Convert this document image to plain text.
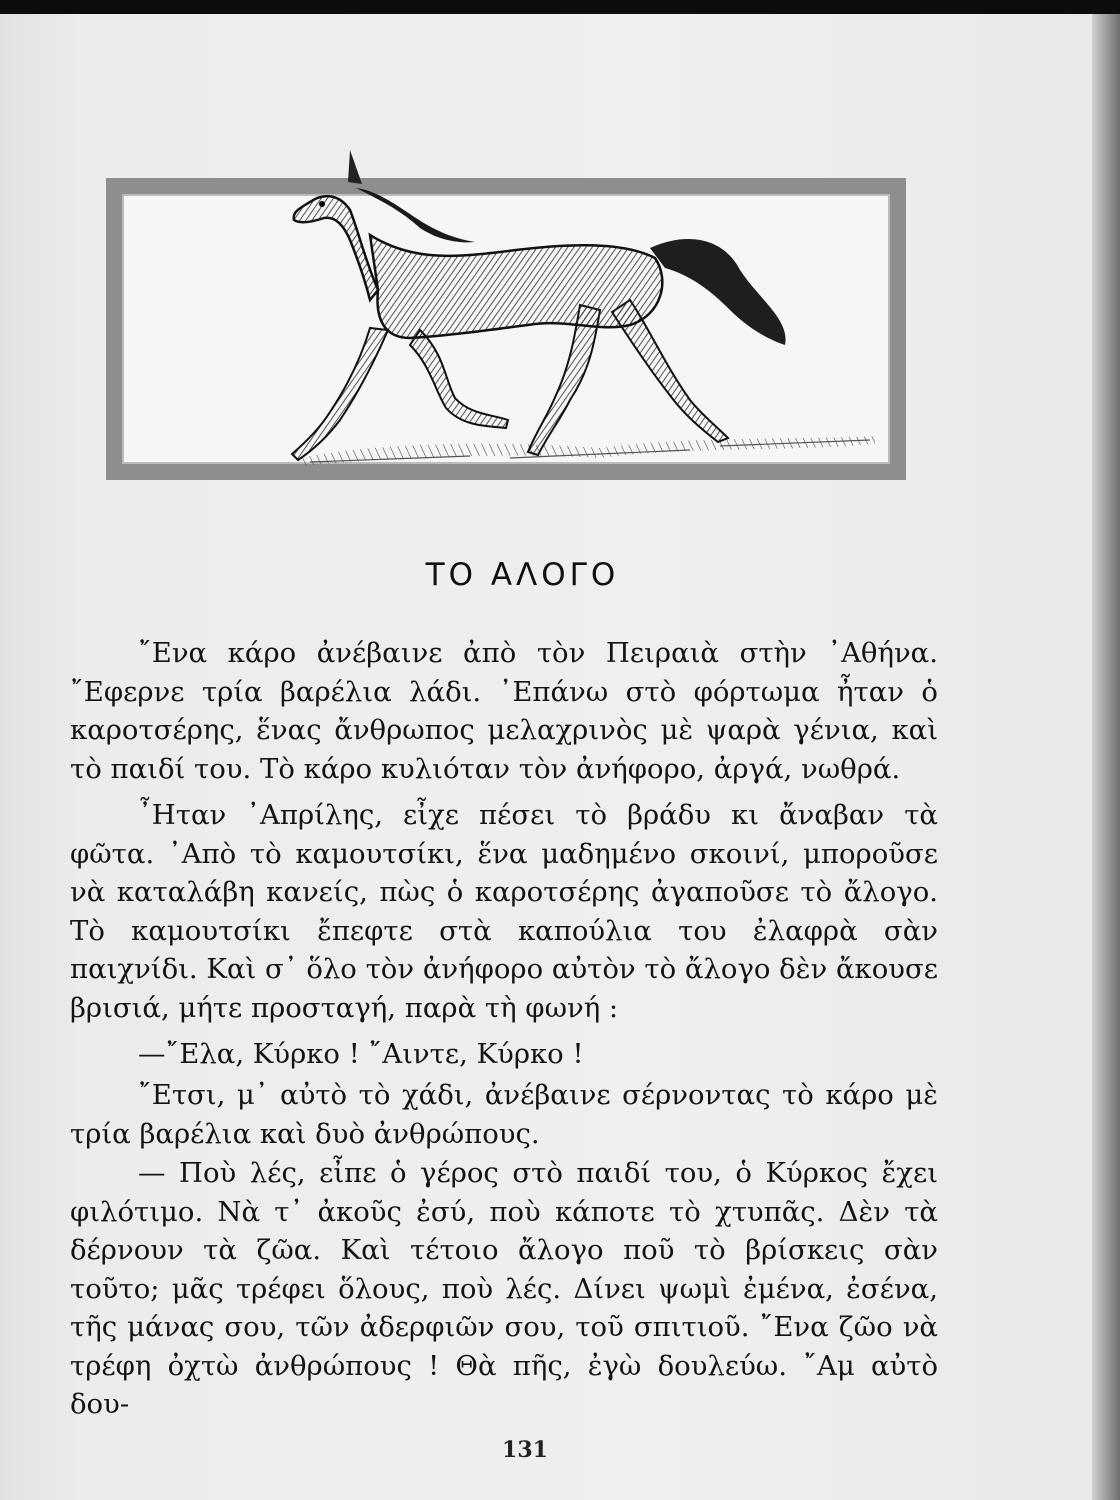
ΤΟ ΑΛΟΓΟ

῎Ενα κάρο ἀνέβαινε ἀπὸ τὸν Πειραιὰ στὴν ᾿Αθήνα. ῎Εφερνε τρία βαρέλια λάδι. ᾿Επάνω στὸ φόρτωμα ἦταν ὁ καροτσέρης, ἕνας ἄνθρωπος μελαχρινὸς μὲ ψαρὰ γένια, καὶ τὸ παιδί του. Τὸ κάρο κυλιόταν τὸν ἀνήφορο, ἀργά, νωθρά.

῏Ηταν ᾿Απρίλης, εἶχε πέσει τὸ βράδυ κι ἄναβαν τὰ φῶτα. ᾿Απὸ τὸ καμουτσίκι, ἕνα μαδημένο σκοινί, μποροῦσε νὰ καταλάβη κανείς, πὼς ὁ καροτσέρης ἀγαποῦσε τὸ ἄλογο. Τὸ καμουτσίκι ἔπεφτε στὰ καπούλια του ἐλαφρὰ σὰν παιχνίδι. Καὶ σ᾿ ὅλο τὸν ἀνήφορο αὐτὸν τὸ ἄλογο δὲν ἄκουσε βρισιά, μήτε προσταγή, παρὰ τὴ φωνή :

—῎Ελα, Κύρκο ! ῎Αιντε, Κύρκο !

῎Ετσι, μ᾿ αὐτὸ τὸ χάδι, ἀνέβαινε σέρνοντας τὸ κάρο μὲ τρία βαρέλια καὶ δυὸ ἀνθρώπους.

— Ποὺ λές, εἶπε ὁ γέρος στὸ παιδί του, ὁ Κύρκος ἔχει φιλότιμο. Νὰ τ᾿ ἀκοῦς ἐσύ, ποὺ κάποτε τὸ χτυπᾶς. Δὲν τὰ δέρνουν τὰ ζῶα. Καὶ τέτοιο ἄλογο ποῦ τὸ βρίσκεις σὰν τοῦτο; μᾶς τρέφει ὅλους, ποὺ λές. Δίνει ψωμὶ ἐμένα, ἐσένα, τῆς μάνας σου, τῶν ἀδερφιῶν σου, τοῦ σπιτιοῦ. ῎Ενα ζῶο νὰ τρέφη ὀχτὼ ἀνθρώπους ! Θὰ πῆς, ἐγὼ δουλεύω. ῎Αμ αὐτὸ δου-

131
